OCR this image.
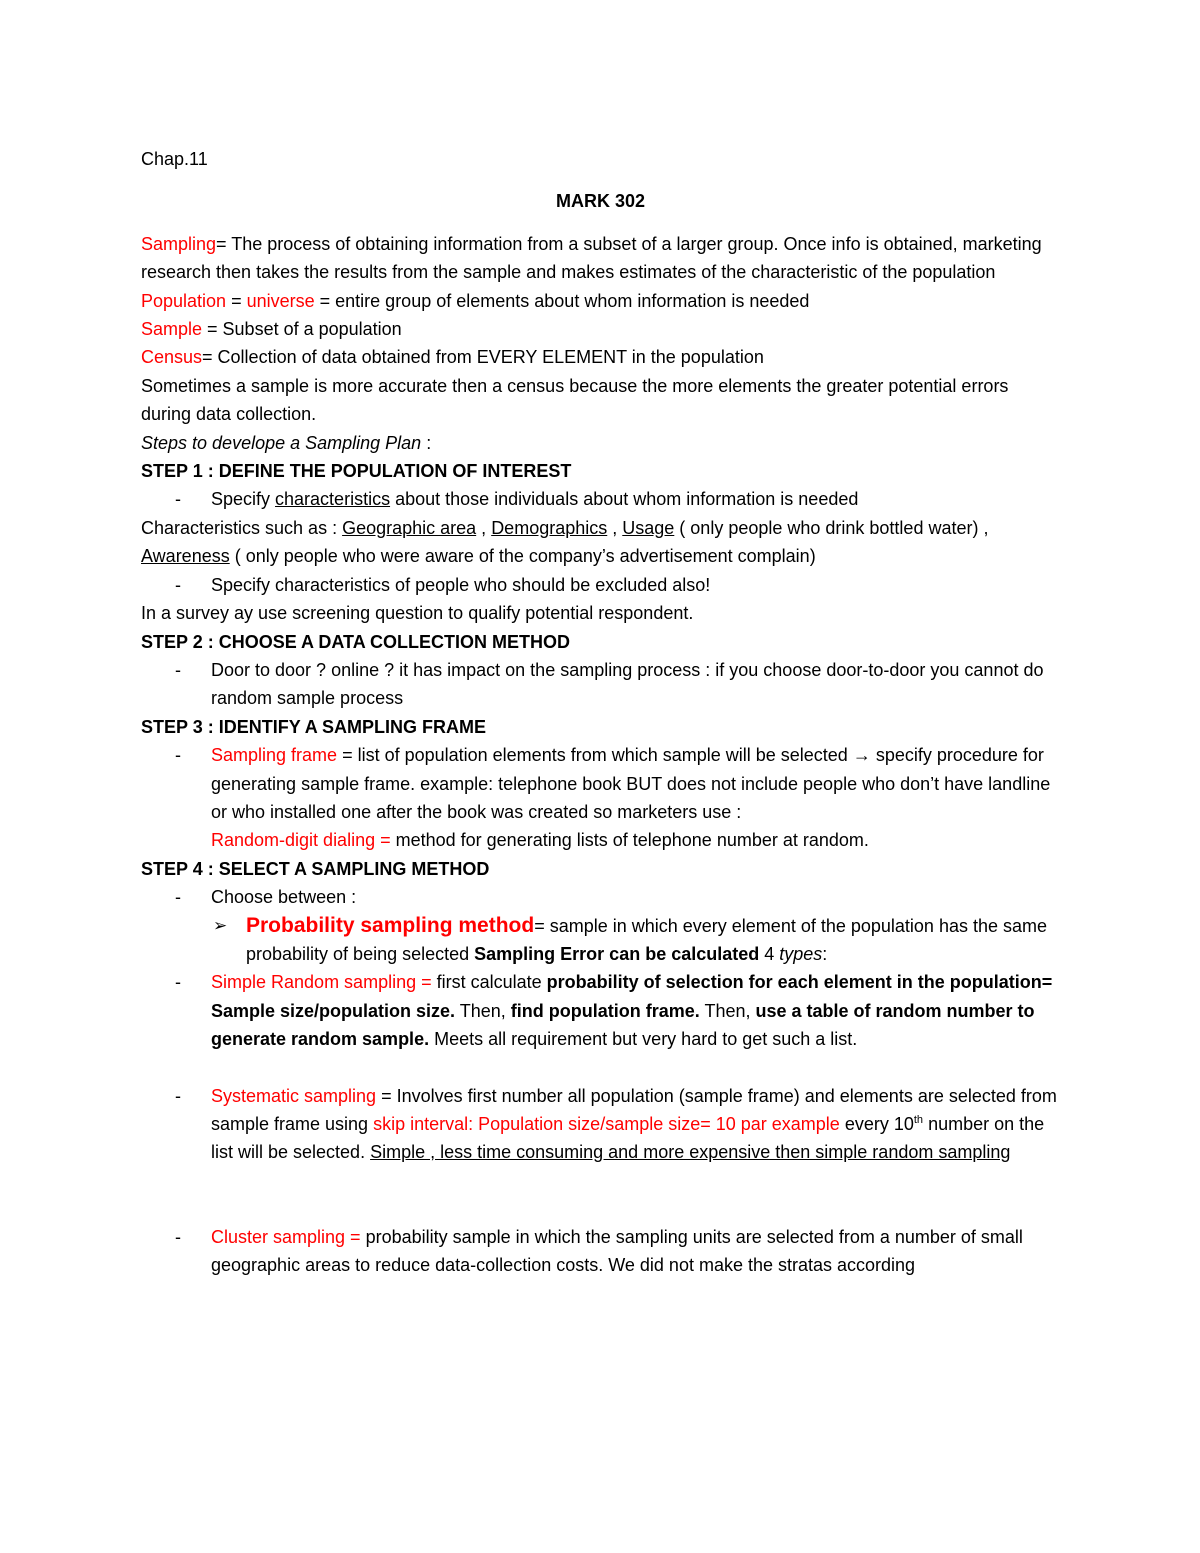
Chap.11

MARK 302

Sampling= The process of obtaining information from a subset of a larger group. Once info is obtained, marketing research then takes the results from the sample and makes estimates of the characteristic of the population

Population = universe = entire group of elements about whom information is needed

Sample = Subset of a population

Census= Collection of data obtained from EVERY ELEMENT in the population

Sometimes a sample is more accurate then a census because the more elements the greater potential errors during data collection.

Steps to develope a Sampling Plan :

STEP 1 : DEFINE THE POPULATION OF INTEREST

- Specify characteristics about those individuals about whom information is needed

Characteristics such as : Geographic area , Demographics , Usage ( only people who drink bottled water) , Awareness ( only people who were aware of the company’s advertisement complain)

- Specify characteristics of people who should be excluded also!

In a survey ay use screening question to qualify potential respondent.

STEP 2 : CHOOSE A DATA COLLECTION METHOD

- Door to door ? online ? it has impact on the sampling process : if you choose door-to-door you cannot do random sample process

STEP 3 : IDENTIFY A SAMPLING FRAME

- Sampling frame = list of population elements from which sample will be selected → specify procedure for generating sample frame. example: telephone book BUT does not include people who don’t have landline or who installed one after the book was created so marketers use :
Random-digit dialing = method for generating lists of telephone number at random.

STEP 4 : SELECT A SAMPLING METHOD

- Choose between :

➢ Probability sampling method= sample in which every element of the population has the same probability of being selected Sampling Error can be calculated 4 types:

- Simple Random sampling = first calculate probability of selection for each element in the population= Sample size/population size. Then, find population frame. Then, use a table of random number to generate random sample. Meets all requirement but very hard to get such a list.

- Systematic sampling = Involves first number all population (sample frame) and elements are selected from sample frame using skip interval: Population size/sample size= 10 par example every 10th number on the list will be selected. Simple , less time consuming and more expensive then simple random sampling

- Cluster sampling = probability sample in which the sampling units are selected from a number of small geographic areas to reduce data-collection costs. We did not make the stratas according
